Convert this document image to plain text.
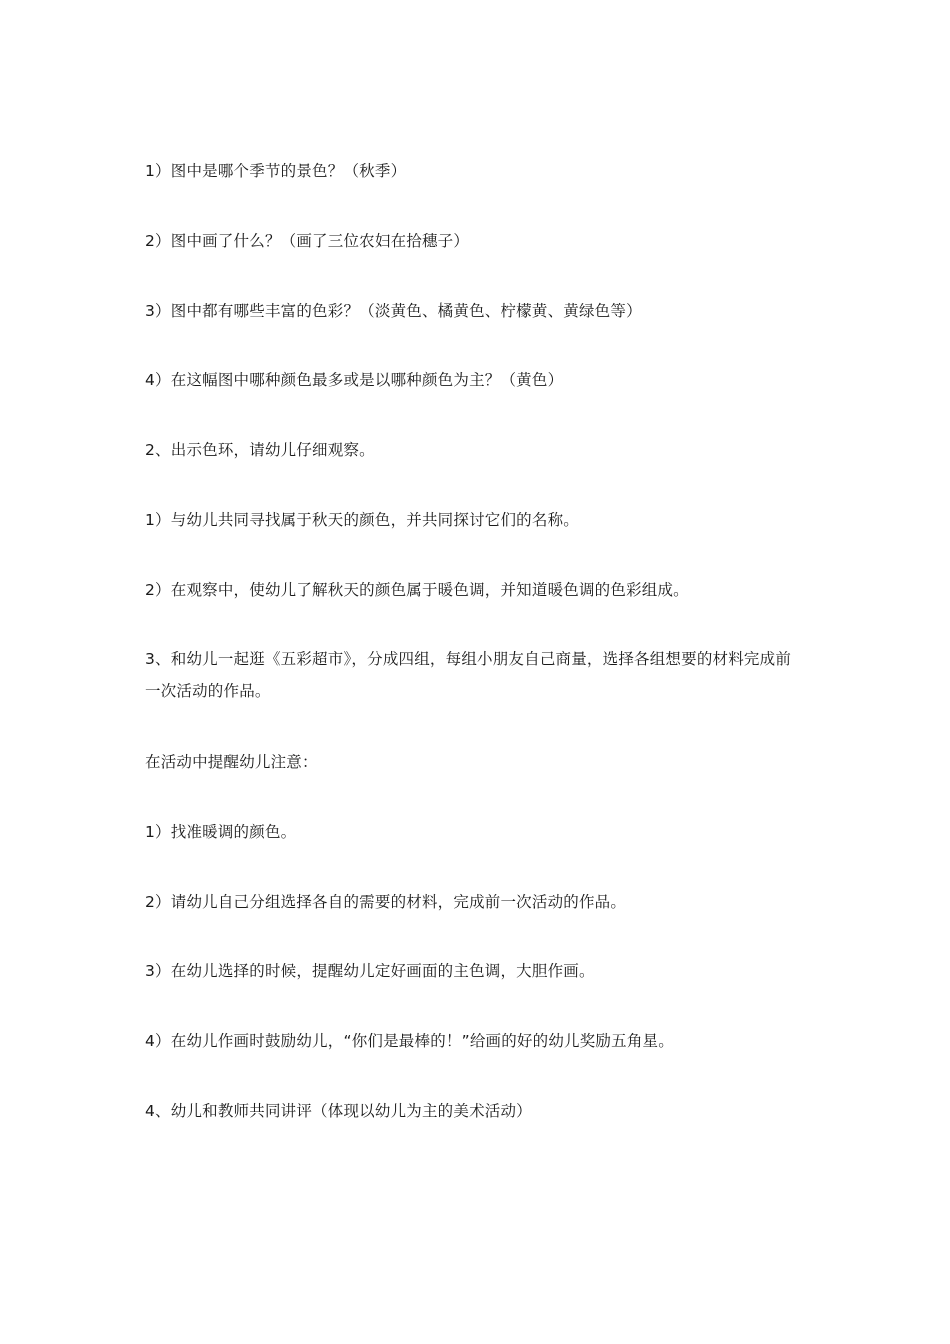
1）图中是哪个季节的景色？（秋季）

2）图中画了什么？（画了三位农妇在拾穗子）

3）图中都有哪些丰富的色彩？（淡黄色、橘黄色、柠檬黄、黄绿色等）

4）在这幅图中哪种颜色最多或是以哪种颜色为主？（黄色）

2、出示色环，请幼儿仔细观察。

1）与幼儿共同寻找属于秋天的颜色，并共同探讨它们的名称。

2）在观察中，使幼儿了解秋天的颜色属于暖色调，并知道暖色调的色彩组成。

3、和幼儿一起逛《五彩超市》，分成四组，每组小朋友自己商量，选择各组想要的材料完成前一次活动的作品。

在活动中提醒幼儿注意：

1）找准暖调的颜色。

2）请幼儿自己分组选择各自的需要的材料，完成前一次活动的作品。

3）在幼儿选择的时候，提醒幼儿定好画面的主色调，大胆作画。

4）在幼儿作画时鼓励幼儿，“你们是最棒的！”给画的好的幼儿奖励五角星。

4、幼儿和教师共同讲评（体现以幼儿为主的美术活动）
